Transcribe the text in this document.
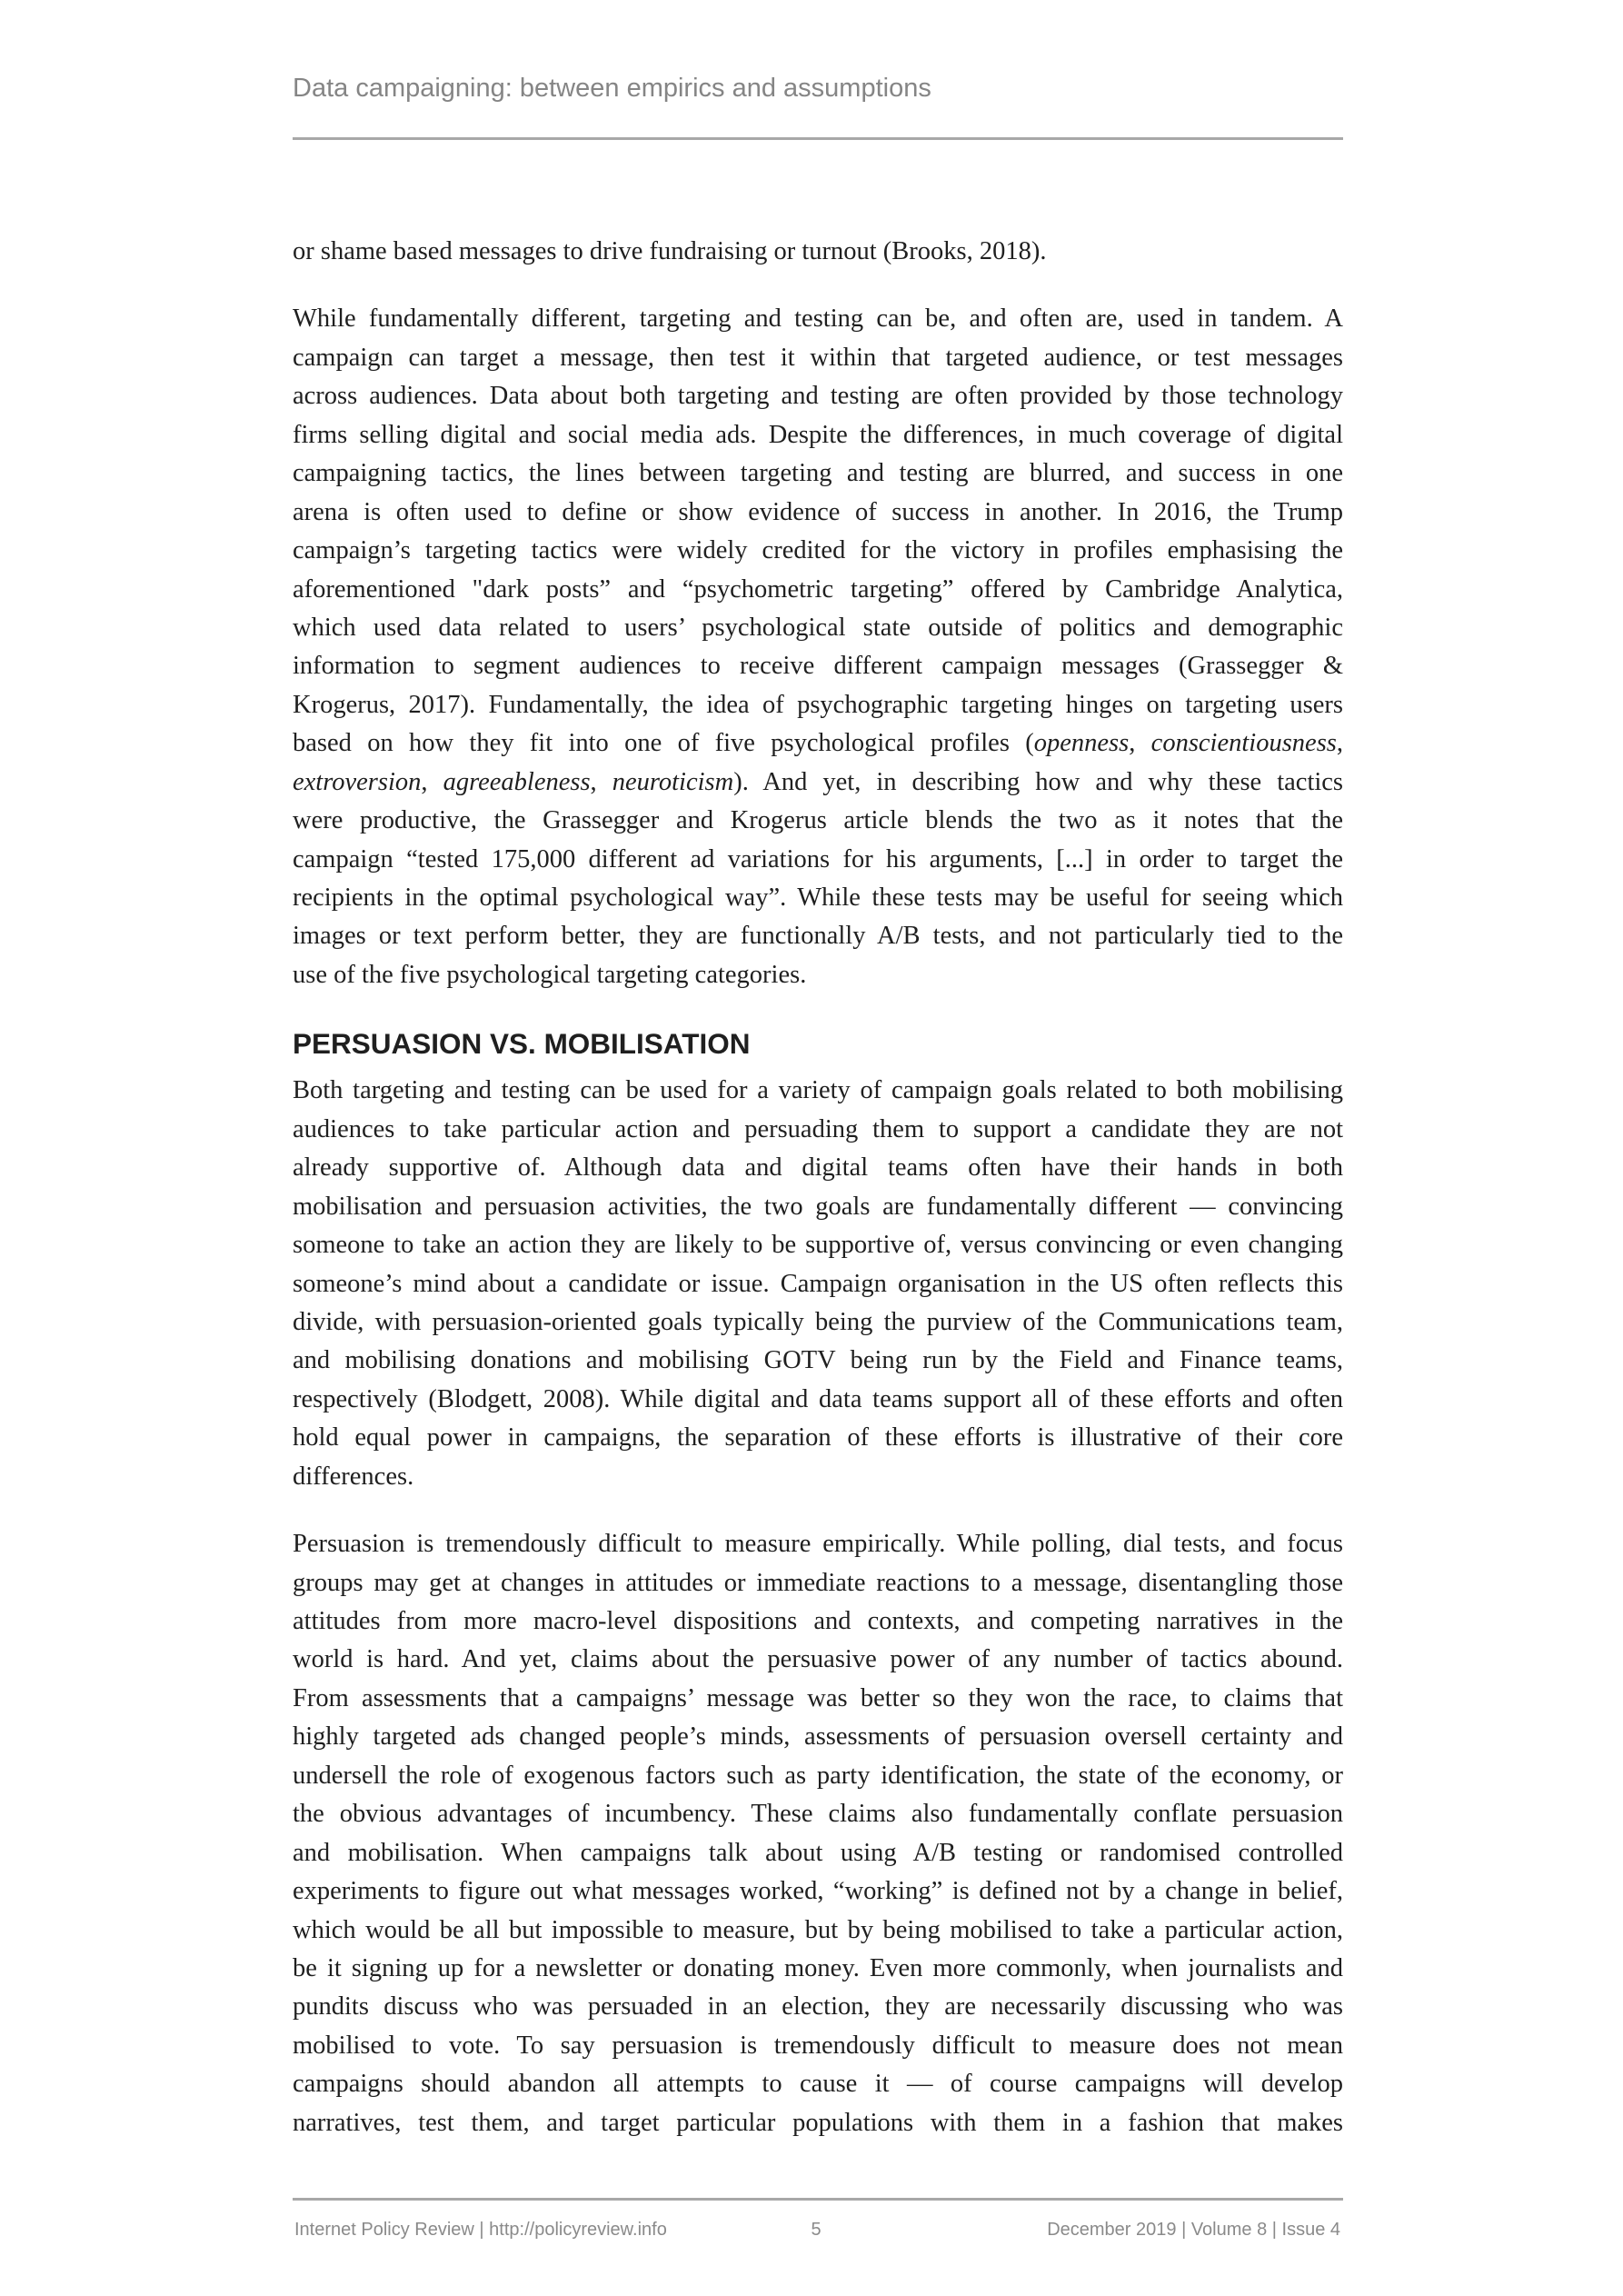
Data campaigning: between empirics and assumptions

or shame based messages to drive fundraising or turnout (Brooks, 2018).

While fundamentally different, targeting and testing can be, and often are, used in tandem. A
campaign can target a message, then test it within that targeted audience, or test messages
across audiences. Data about both targeting and testing are often provided by those technology
firms selling digital and social media ads. Despite the differences, in much coverage of digital
campaigning tactics, the lines between targeting and testing are blurred, and success in one
arena is often used to define or show evidence of success in another. In 2016, the Trump
campaign’s targeting tactics were widely credited for the victory in profiles emphasising the
aforementioned "dark posts” and “psychometric targeting” offered by Cambridge Analytica,
which used data related to users’ psychological state outside of politics and demographic
information to segment audiences to receive different campaign messages (Grassegger &
Krogerus, 2017). Fundamentally, the idea of psychographic targeting hinges on targeting users
based on how they fit into one of five psychological profiles (openness, conscientiousness,
extroversion, agreeableness, neuroticism). And yet, in describing how and why these tactics
were productive, the Grassegger and Krogerus article blends the two as it notes that the
campaign “tested 175,000 different ad variations for his arguments, [...] in order to target the
recipients in the optimal psychological way”. While these tests may be useful for seeing which
images or text perform better, they are functionally A/B tests, and not particularly tied to the
use of the five psychological targeting categories.

PERSUASION VS. MOBILISATION

Both targeting and testing can be used for a variety of campaign goals related to both mobilising
audiences to take particular action and persuading them to support a candidate they are not
already supportive of. Although data and digital teams often have their hands in both
mobilisation and persuasion activities, the two goals are fundamentally different — convincing
someone to take an action they are likely to be supportive of, versus convincing or even changing
someone’s mind about a candidate or issue. Campaign organisation in the US often reflects this
divide, with persuasion-oriented goals typically being the purview of the Communications team,
and mobilising donations and mobilising GOTV being run by the Field and Finance teams,
respectively (Blodgett, 2008). While digital and data teams support all of these efforts and often
hold equal power in campaigns, the separation of these efforts is illustrative of their core
differences.

Persuasion is tremendously difficult to measure empirically. While polling, dial tests, and focus
groups may get at changes in attitudes or immediate reactions to a message, disentangling those
attitudes from more macro-level dispositions and contexts, and competing narratives in the
world is hard. And yet, claims about the persuasive power of any number of tactics abound.
From assessments that a campaigns’ message was better so they won the race, to claims that
highly targeted ads changed people’s minds, assessments of persuasion oversell certainty and
undersell the role of exogenous factors such as party identification, the state of the economy, or
the obvious advantages of incumbency. These claims also fundamentally conflate persuasion
and mobilisation. When campaigns talk about using A/B testing or randomised controlled
experiments to figure out what messages worked, “working” is defined not by a change in belief,
which would be all but impossible to measure, but by being mobilised to take a particular action,
be it signing up for a newsletter or donating money. Even more commonly, when journalists and
pundits discuss who was persuaded in an election, they are necessarily discussing who was
mobilised to vote. To say persuasion is tremendously difficult to measure does not mean
campaigns should abandon all attempts to cause it — of course campaigns will develop
narratives, test them, and target particular populations with them in a fashion that makes

Internet Policy Review | http://policyreview.info	5	December 2019 | Volume 8 | Issue 4
